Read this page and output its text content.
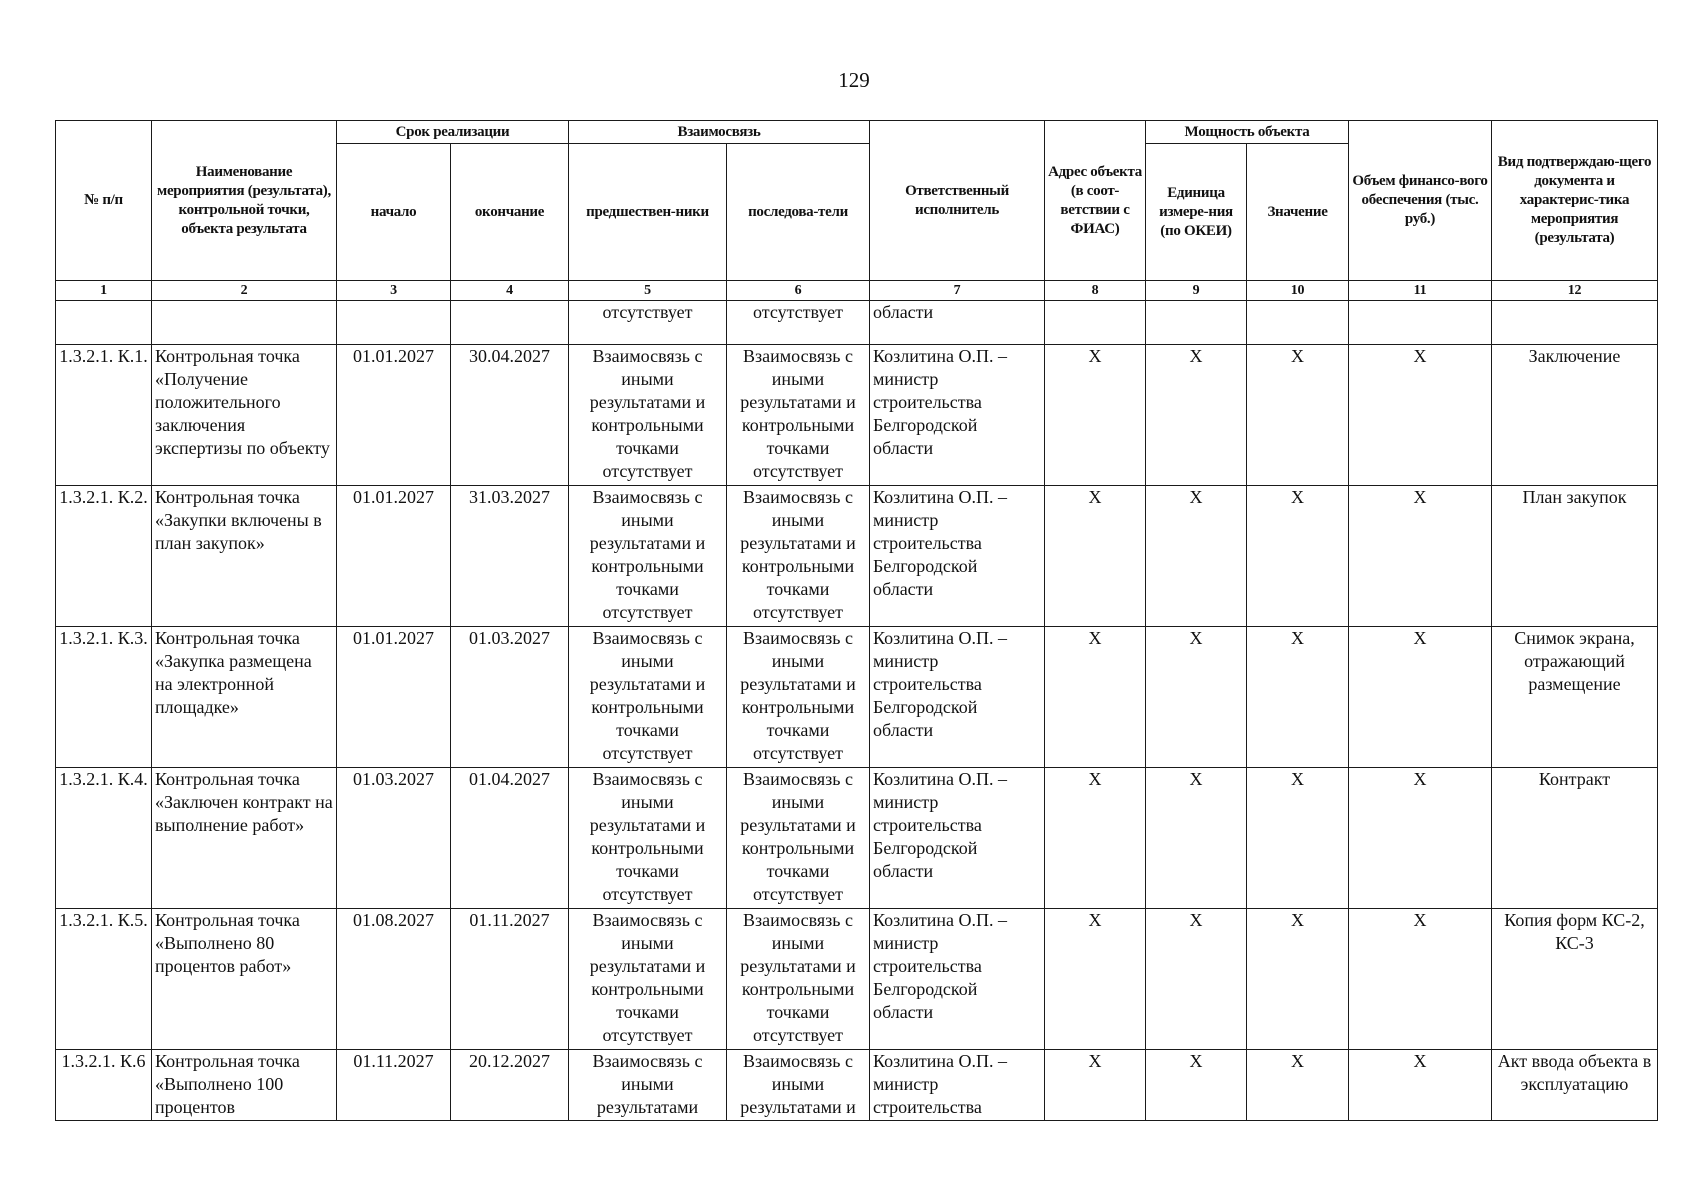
129
№ п/п	Наименование мероприятия (результата), контрольной точки, объекта результата	Срок реализации		Взаимосвязь		Ответственный исполнитель	Адрес объекта (в соот-ветствии с ФИАС)	Мощность объекта		Объем финансо-вого обеспечения (тыс. руб.)	Вид подтверждаю-щего документа и характерис-тика мероприятия (результата)
		начало	окончание	предшествен-ники	последова-тели			Единица измере-ния (по ОКЕИ)	Значение		
1	2	3	4	5	6	7	8	9	10	11	12
				отсутствует	отсутствует	области					
1.3.2.1. К.1.	Контрольная точка «Получение положительного заключения экспертизы по объекту	01.01.2027	30.04.2027	Взаимосвязь с иными результатами и контрольными точками отсутствует	Взаимосвязь с иными результатами и контрольными точками отсутствует	Козлитина О.П. – министр строительства Белгородской области	X	X	X	X	Заключение
1.3.2.1. К.2.	Контрольная точка «Закупки включены в план закупок»	01.01.2027	31.03.2027	Взаимосвязь с иными результатами и контрольными точками отсутствует	Взаимосвязь с иными результатами и контрольными точками отсутствует	Козлитина О.П. – министр строительства Белгородской области	X	X	X	X	План закупок
1.3.2.1. К.3.	Контрольная точка «Закупка размещена на электронной площадке»	01.01.2027	01.03.2027	Взаимосвязь с иными результатами и контрольными точками отсутствует	Взаимосвязь с иными результатами и контрольными точками отсутствует	Козлитина О.П. – министр строительства Белгородской области	X	X	X	X	Снимок экрана, отражающий размещение
1.3.2.1. К.4.	Контрольная точка «Заключен контракт на выполнение работ»	01.03.2027	01.04.2027	Взаимосвязь с иными результатами и контрольными точками отсутствует	Взаимосвязь с иными результатами и контрольными точками отсутствует	Козлитина О.П. – министр строительства Белгородской области	X	X	X	X	Контракт
1.3.2.1. К.5.	Контрольная точка «Выполнено 80 процентов работ»	01.08.2027	01.11.2027	Взаимосвязь с иными результатами и контрольными точками отсутствует	Взаимосвязь с иными результатами и контрольными точками отсутствует	Козлитина О.П. – министр строительства Белгородской области	X	X	X	X	Копия форм КС-2, КС-3
1.3.2.1. К.6	Контрольная точка «Выполнено 100 процентов	01.11.2027	20.12.2027	Взаимосвязь с иными результатами	Взаимосвязь с иными результатами и	Козлитина О.П. – министр строительства	X	X	X	X	Акт ввода объекта в эксплуатацию
